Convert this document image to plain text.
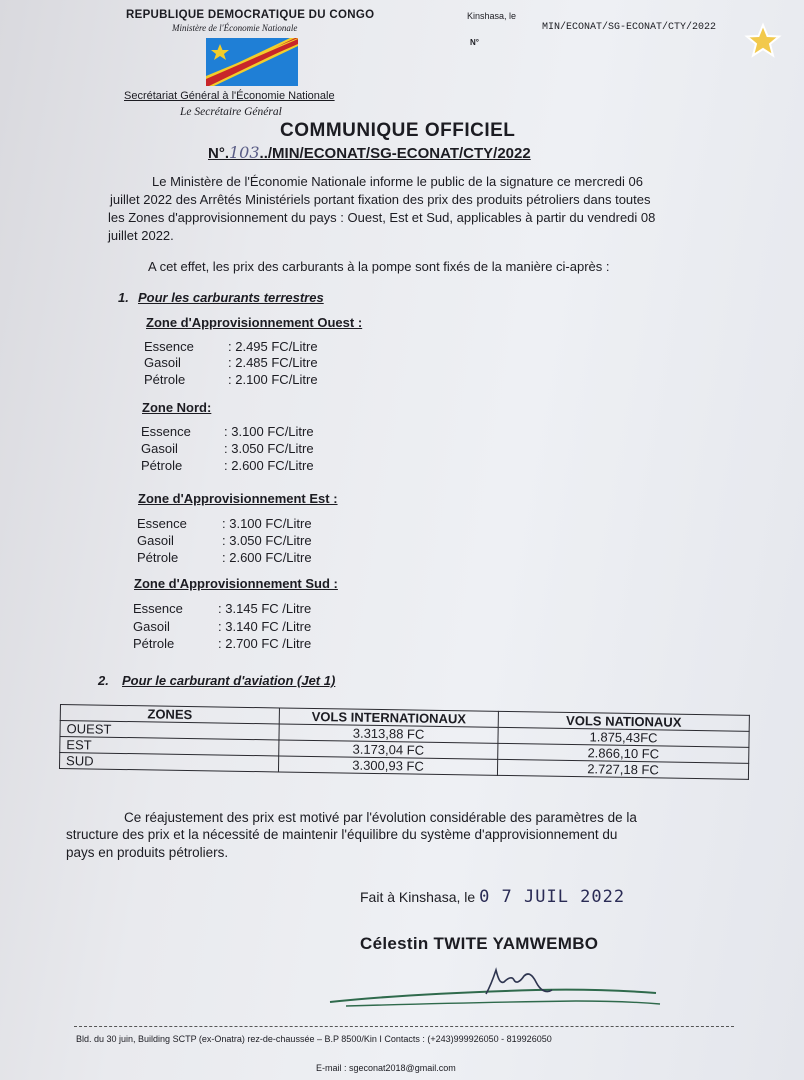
REPUBLIQUE DEMOCRATIQUE DU CONGO
Ministère de l'Économie Nationale
Secrétariat Général à l'Économie Nationale
Le Secrétaire Général
Kinshasa, le
N°
MIN/ECONAT/SG-ECONAT/CTY/2022
COMMUNIQUE OFFICIEL
N°.103../MIN/ECONAT/SG-ECONAT/CTY/2022
Le Ministère de l'Économie Nationale informe le public de la signature ce mercredi 06
juillet 2022 des Arrêtés Ministériels portant fixation des prix des produits pétroliers dans toutes
les Zones d'approvisionnement du pays : Ouest, Est et Sud, applicables à partir du vendredi 08
juillet 2022.
A cet effet, les prix des carburants à la pompe sont fixés de la manière ci-après :
1. Pour les carburants terrestres
Zone d'Approvisionnement Ouest :
Essence	: 2.495 FC/Litre
Gasoil	: 2.485 FC/Litre
Pétrole	: 2.100 FC/Litre
Zone Nord:
Essence	: 3.100 FC/Litre
Gasoil	: 3.050 FC/Litre
Pétrole	: 2.600 FC/Litre
Zone d'Approvisionnement Est :
Essence	: 3.100 FC/Litre
Gasoil	: 3.050 FC/Litre
Pétrole	: 2.600 FC/Litre
Zone d'Approvisionnement Sud :
Essence	: 3.145 FC /Litre
Gasoil	: 3.140 FC /Litre
Pétrole	: 2.700 FC /Litre
2. Pour le carburant d'aviation (Jet 1)
ZONES	VOLS INTERNATIONAUX	VOLS NATIONAUX
OUEST	3.313,88 FC	1.875,43FC
EST	3.173,04 FC	2.866,10 FC
SUD	3.300,93 FC	2.727,18 FC
Ce réajustement des prix est motivé par l'évolution considérable des paramètres de la
structure des prix et la nécessité de maintenir l'équilibre du système d'approvisionnement du
pays en produits pétroliers.
Fait à Kinshasa, le 0 7 JUIL 2022
Célestin TWITE YAMWEMBO
Bld. du 30 juin, Building SCTP (ex-Onatra) rez-de-chaussée – B.P 8500/Kin I Contacts : (+243)999926050 - 819926050
E-mail : sgeconat2018@gmail.com
